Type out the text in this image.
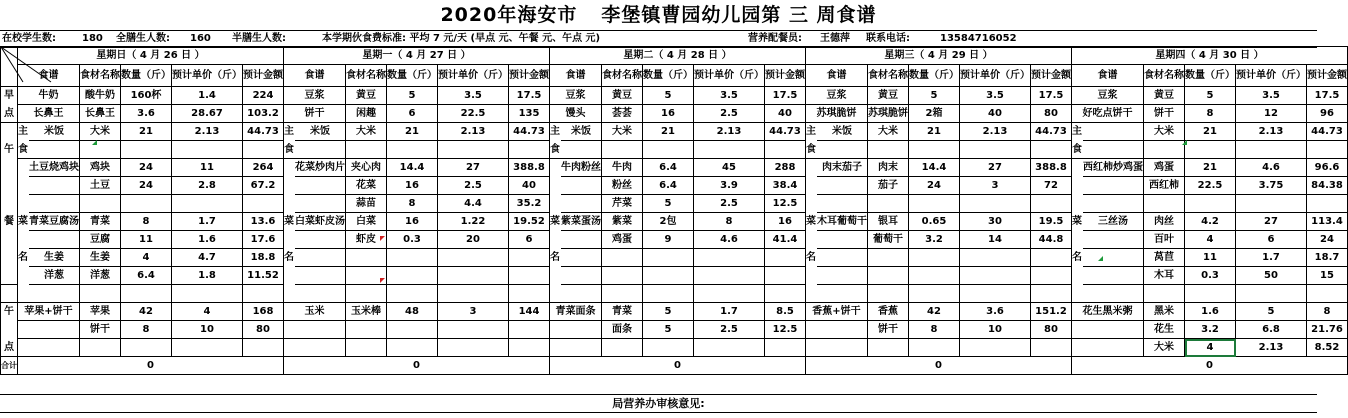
2020年海安市 李堡镇曹园幼儿园第 三 周食谱
在校学生数:	180 全膳生人数: 160 半膳生人数:	本学期伙食费标准: 平均 7 元/天 (早点 元、午餐 元、午点 元)	营养配餐员: 王德萍 联系电话:	13584716052
	星期日（ 4 月 26 日 ）						星期一（ 4 月 27 日 ）						星期二（ 4 月 28 日 ）						星期三（ 4 月 29 日 ）						星期四（ 4 月 30 日 ）					
	食谱		食材名称	数量（斤）	预计单价（斤）	预计金额	食谱		食材名称	数量（斤）	预计单价（斤）	预计金额	食谱		食材名称	数量（斤）	预计单价（斤）	预计金额	食谱		食材名称	数量（斤）	预计单价（斤）	预计金额	食谱		食材名称	数量（斤）	预计单价（斤）	预计金额
早	牛奶		酸牛奶	160杯	1.4	224	豆浆		黄豆	5	3.5	17.5	豆浆		黄豆	5	3.5	17.5	豆浆		黄豆	5	3.5	17.5	豆浆		黄豆	5	3.5	17.5
点	长鼻王		长鼻王	3.6	28.67	103.2	饼干		闲趣	6	22.5	135	馒头		荟荟	16	2.5	40	苏琪脆饼		苏琪脆饼	2箱	40	80	好吃点饼干		饼干	8	12	96
	主	米饭	大米	21	2.13	44.73	主	米饭	大米	21	2.13	44.73	主	米饭	大米	21	2.13	44.73	主	米饭	大米	21	2.13	44.73	主		大米	21	2.13	44.73
午	食						食						食						食						食					
		土豆烧鸡块	鸡块	24	11	264		花菜炒肉片	夹心肉	14.4	27	388.8		牛肉粉丝	牛肉	6.4	45	288		肉末茄子	肉末	14.4	27	388.8		西红柿炒鸡蛋	鸡蛋	21	4.6	96.6
			土豆	24	2.8	67.2			花菜	16	2.5	40			粉丝	6.4	3.9	38.4			茄子	24	3	72			西红柿	22.5	3.75	84.38
									蒜苗	8	4.4	35.2			芹菜	5	2.5	12.5												
餐	菜	青菜豆腐汤	青菜	8	1.7	13.6	菜	白菜虾皮汤	白菜	16	1.22	19.52	菜	紫菜蛋汤	紫菜	2包	8	16	菜	木耳葡萄干	银耳	0.65	30	19.5	菜	三丝汤	肉丝	4.2	27	113.4
			豆腐	11	1.6	17.6			虾皮	0.3	20	6			鸡蛋	9	4.6	41.4			葡萄干	3.2	14	44.8			百叶	4	6	24
	名	生姜	生姜	4	4.7	18.8	名						名						名						名		莴苣	11	1.7	18.7
		洋葱	洋葱	6.4	1.8	11.52																					木耳	0.3	50	15

午	苹果+饼干		苹果	42	4	168	玉米		玉米棒	48	3	144	青菜面条		青菜	5	1.7	8.5	香蕉+饼干		香蕉	42	3.6	151.2	花生黑米粥		黑米	1.6	5	8
			饼干	8	10	80									面条	5	2.5	12.5			饼干	8	10	80			花生	3.2	6.8	21.76
点																											大米	4	2.13	8.52
合计	0						0						0						0						0					
局营养办审核意见:
